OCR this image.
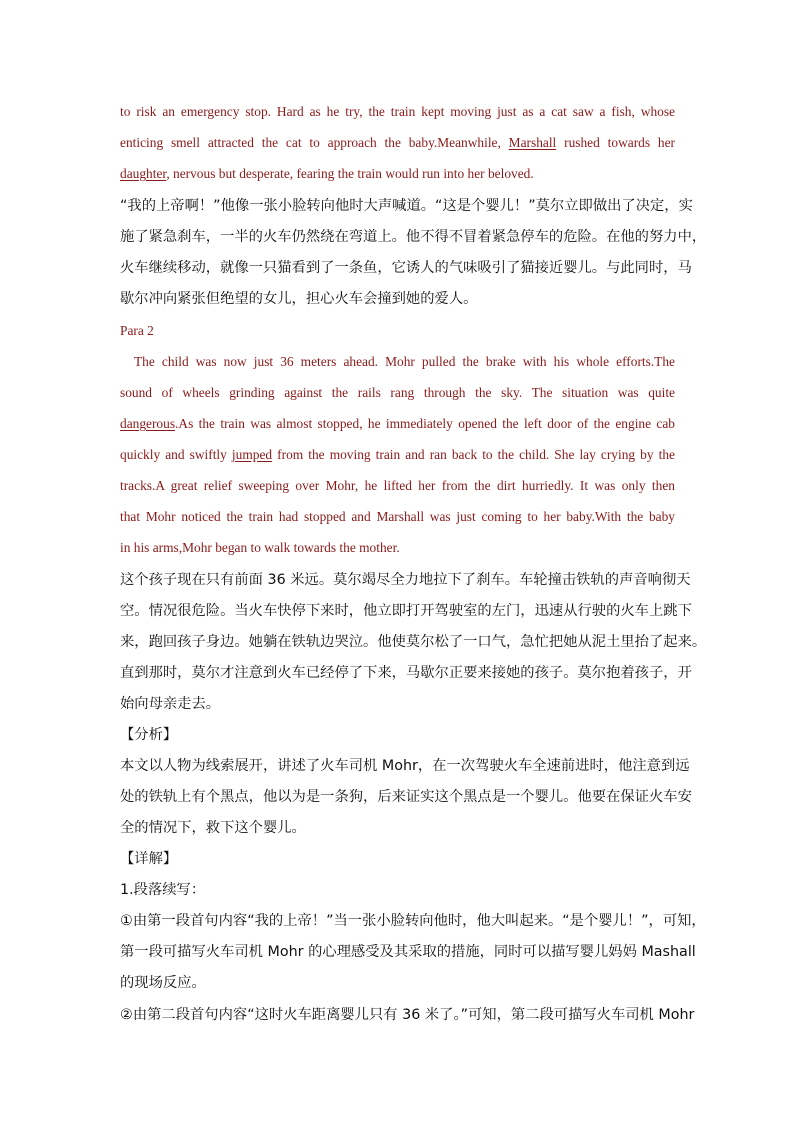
to risk an emergency stop. Hard as he try, the train kept moving just as a cat saw a fish, whose
enticing smell attracted the cat to approach the baby.Meanwhile, Marshall rushed towards her
daughter, nervous but desperate, fearing the train would run into her beloved.
“我的上帝啊！”他像一张小脸转向他时大声喊道。“这是个婴儿！”莫尔立即做出了决定，实
施了紧急刹车，一半的火车仍然绕在弯道上。他不得不冒着紧急停车的危险。在他的努力中，
火车继续移动，就像一只猫看到了一条鱼，它诱人的气味吸引了猫接近婴儿。与此同时，马
歇尔冲向紧张但绝望的女儿，担心火车会撞到她的爱人。
Para 2
The child was now just 36 meters ahead. Mohr pulled the brake with his whole efforts.The
sound of wheels grinding against the rails rang through the sky. The situation was quite
dangerous.As the train was almost stopped, he immediately opened the left door of the engine cab
quickly and swiftly jumped from the moving train and ran back to the child. She lay crying by the
tracks.A great relief sweeping over Mohr, he lifted her from the dirt hurriedly. It was only then
that Mohr noticed the train had stopped and Marshall was just coming to her baby.With the baby
in his arms,Mohr began to walk towards the mother.
这个孩子现在只有前面 36 米远。莫尔竭尽全力地拉下了刹车。车轮撞击铁轨的声音响彻天
空。情况很危险。当火车快停下来时，他立即打开驾驶室的左门，迅速从行驶的火车上跳下
来，跑回孩子身边。她躺在铁轨边哭泣。他使莫尔松了一口气，急忙把她从泥土里抬了起来。
直到那时，莫尔才注意到火车已经停了下来，马歇尔正要来接她的孩子。莫尔抱着孩子，开
始向母亲走去。
【分析】
本文以人物为线索展开，讲述了火车司机 Mohr，在一次驾驶火车全速前进时，他注意到远
处的铁轨上有个黑点，他以为是一条狗，后来证实这个黑点是一个婴儿。他要在保证火车安
全的情况下，救下这个婴儿。
【详解】
1.段落续写：
①由第一段首句内容“我的上帝！”当一张小脸转向他时，他大叫起来。“是个婴儿！”，可知，
第一段可描写火车司机 Mohr 的心理感受及其采取的措施，同时可以描写婴儿妈妈 Mashall
的现场反应。
②由第二段首句内容“这时火车距离婴儿只有 36 米了。”可知，第二段可描写火车司机 Mohr
